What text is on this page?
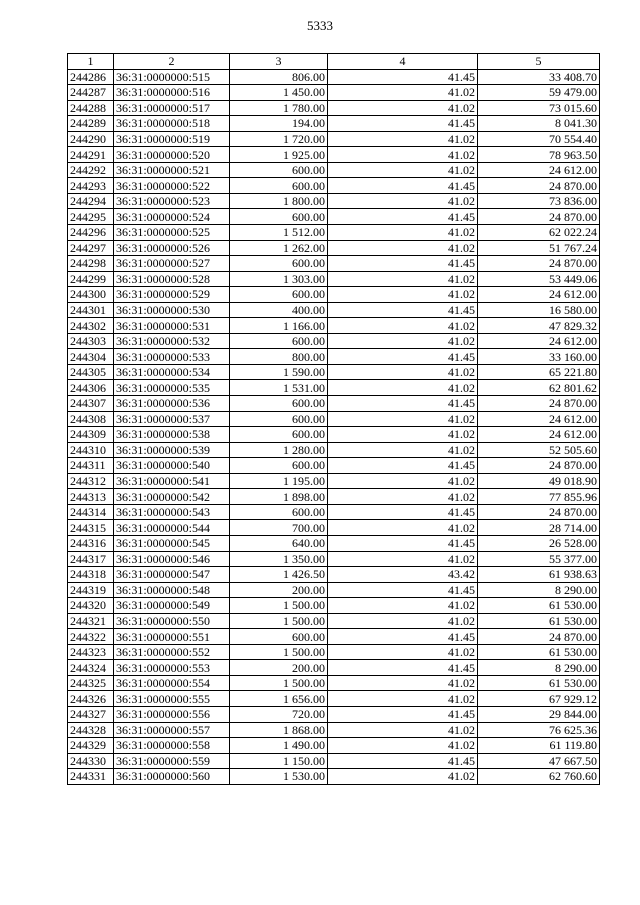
5333
1	2	3	4	5
244286	36:31:0000000:515	806.00	41.45	33 408.70
244287	36:31:0000000:516	1 450.00	41.02	59 479.00
244288	36:31:0000000:517	1 780.00	41.02	73 015.60
244289	36:31:0000000:518	194.00	41.45	8 041.30
244290	36:31:0000000:519	1 720.00	41.02	70 554.40
244291	36:31:0000000:520	1 925.00	41.02	78 963.50
244292	36:31:0000000:521	600.00	41.02	24 612.00
244293	36:31:0000000:522	600.00	41.45	24 870.00
244294	36:31:0000000:523	1 800.00	41.02	73 836.00
244295	36:31:0000000:524	600.00	41.45	24 870.00
244296	36:31:0000000:525	1 512.00	41.02	62 022.24
244297	36:31:0000000:526	1 262.00	41.02	51 767.24
244298	36:31:0000000:527	600.00	41.45	24 870.00
244299	36:31:0000000:528	1 303.00	41.02	53 449.06
244300	36:31:0000000:529	600.00	41.02	24 612.00
244301	36:31:0000000:530	400.00	41.45	16 580.00
244302	36:31:0000000:531	1 166.00	41.02	47 829.32
244303	36:31:0000000:532	600.00	41.02	24 612.00
244304	36:31:0000000:533	800.00	41.45	33 160.00
244305	36:31:0000000:534	1 590.00	41.02	65 221.80
244306	36:31:0000000:535	1 531.00	41.02	62 801.62
244307	36:31:0000000:536	600.00	41.45	24 870.00
244308	36:31:0000000:537	600.00	41.02	24 612.00
244309	36:31:0000000:538	600.00	41.02	24 612.00
244310	36:31:0000000:539	1 280.00	41.02	52 505.60
244311	36:31:0000000:540	600.00	41.45	24 870.00
244312	36:31:0000000:541	1 195.00	41.02	49 018.90
244313	36:31:0000000:542	1 898.00	41.02	77 855.96
244314	36:31:0000000:543	600.00	41.45	24 870.00
244315	36:31:0000000:544	700.00	41.02	28 714.00
244316	36:31:0000000:545	640.00	41.45	26 528.00
244317	36:31:0000000:546	1 350.00	41.02	55 377.00
244318	36:31:0000000:547	1 426.50	43.42	61 938.63
244319	36:31:0000000:548	200.00	41.45	8 290.00
244320	36:31:0000000:549	1 500.00	41.02	61 530.00
244321	36:31:0000000:550	1 500.00	41.02	61 530.00
244322	36:31:0000000:551	600.00	41.45	24 870.00
244323	36:31:0000000:552	1 500.00	41.02	61 530.00
244324	36:31:0000000:553	200.00	41.45	8 290.00
244325	36:31:0000000:554	1 500.00	41.02	61 530.00
244326	36:31:0000000:555	1 656.00	41.02	67 929.12
244327	36:31:0000000:556	720.00	41.45	29 844.00
244328	36:31:0000000:557	1 868.00	41.02	76 625.36
244329	36:31:0000000:558	1 490.00	41.02	61 119.80
244330	36:31:0000000:559	1 150.00	41.45	47 667.50
244331	36:31:0000000:560	1 530.00	41.02	62 760.60
